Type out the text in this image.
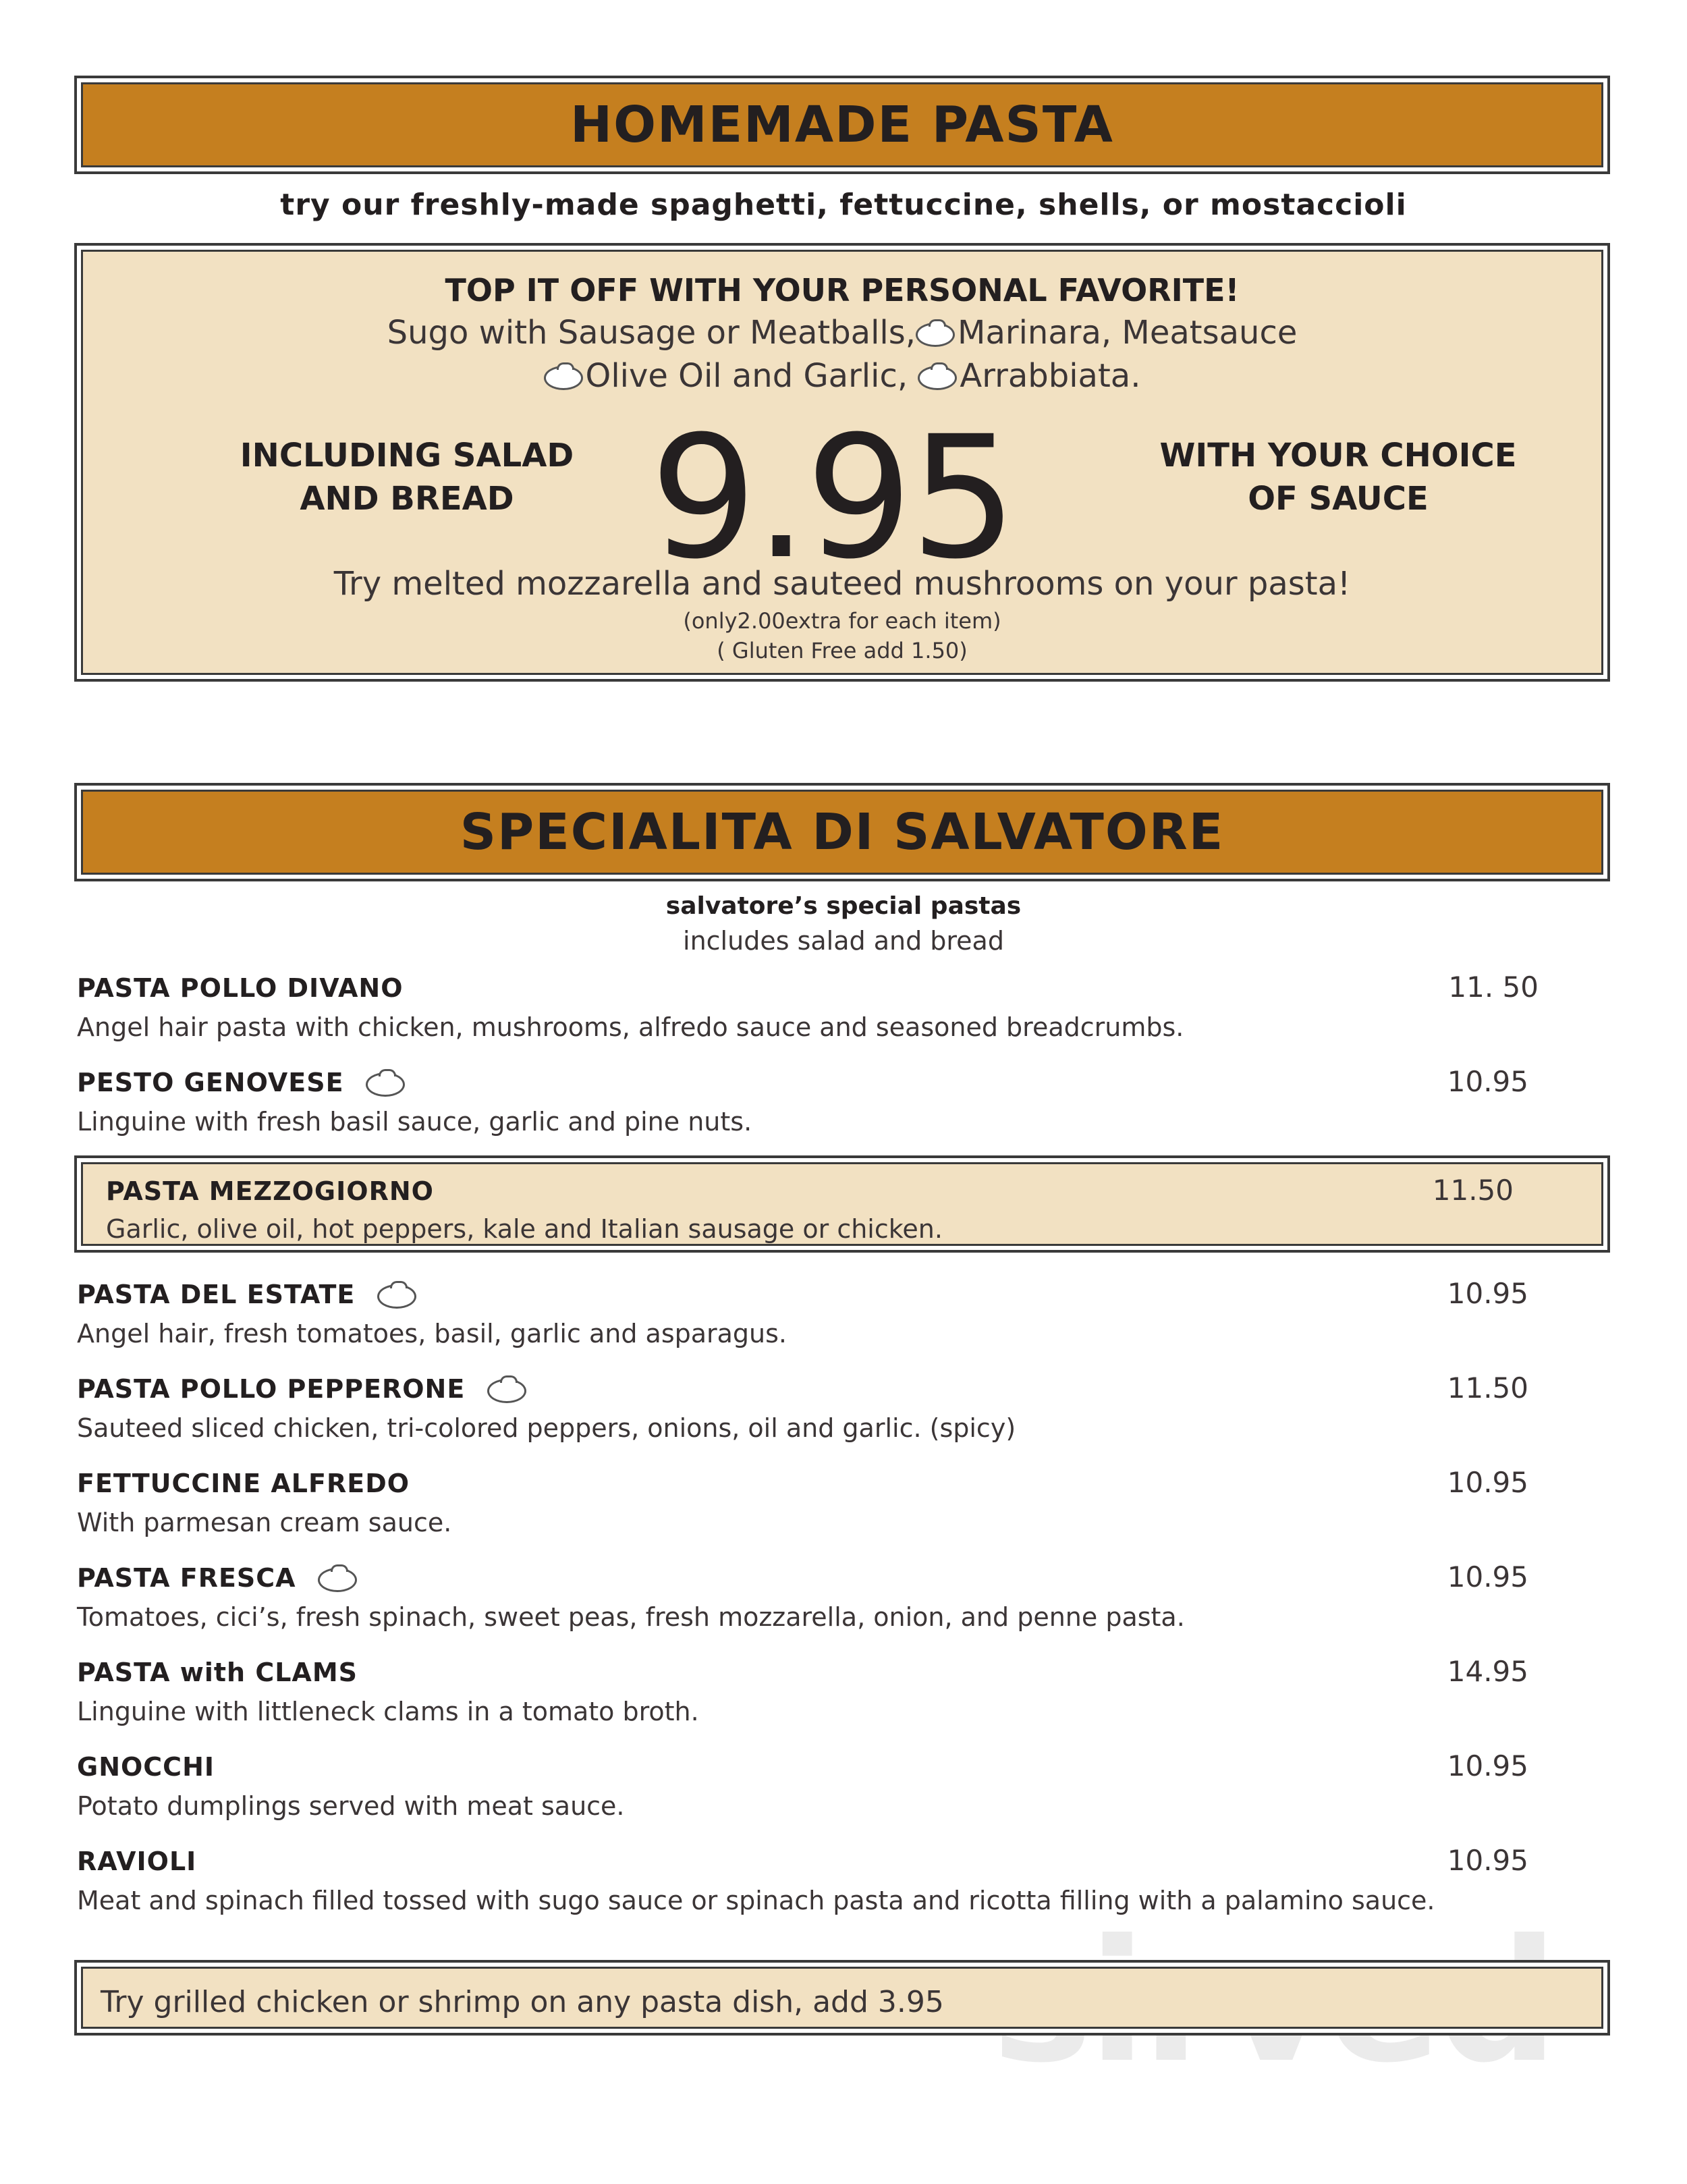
HOMEMADE PASTA
try our freshly-made spaghetti, fettuccine, shells, or mostaccioli
TOP IT OFF WITH YOUR PERSONAL FAVORITE!
Sugo with Sausage or Meatballs, Marinara, Meatsauce
Olive Oil and Garlic, Arrabbiata.
INCLUDING SALAD
AND BREAD 9.95	WITH YOUR CHOICE
OF SAUCE
Try melted mozzarella and sauteed mushrooms on your pasta!
(only2.00extra for each item)
( Gluten Free add 1.50)
SPECIALITA DI SALVATORE
salvatore’s special pastas
includes salad and bread
PASTA POLLO DIVANO	11. 50
Angel hair pasta with chicken, mushrooms, alfredo sauce and seasoned breadcrumbs.
PESTO GENOVESE	10.95
Linguine with fresh basil sauce, garlic and pine nuts.
PASTA MEZZOGIORNO	11.50
Garlic, olive oil, hot peppers, kale and Italian sausage or chicken.
PASTA DEL ESTATE	10.95
Angel hair, fresh tomatoes, basil, garlic and asparagus.
PASTA POLLO PEPPERONE	11.50
Sauteed sliced chicken, tri-colored peppers, onions, oil and garlic. (spicy)
FETTUCCINE ALFREDO	10.95
With parmesan cream sauce.
PASTA FRESCA	10.95
Tomatoes, cici’s, fresh spinach, sweet peas, fresh mozzarella, onion, and penne pasta.
PASTA with CLAMS	14.95
Linguine with littleneck clams in a tomato broth.
GNOCCHI	10.95
Potato dumplings served with meat sauce.
RAVIOLI	10.95
Meat and spinach filled tossed with sugo sauce or spinach pasta and ricotta filling with a palamino sauce.
Try grilled chicken or shrimp on any pasta dish, add 3.95
